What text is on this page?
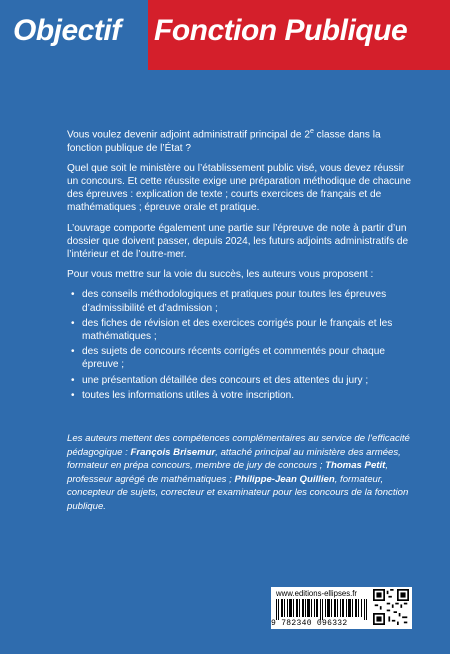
Objectif Fonction Publique

Vous voulez devenir adjoint administratif principal de 2e classe dans la fonction publique de l’État ?

Quel que soit le ministère ou l’établissement public visé, vous devez réussir un concours. Et cette réussite exige une préparation méthodique de chacune des épreuves : explication de texte ; courts exercices de français et de mathématiques ; épreuve orale et pratique.

L’ouvrage comporte également une partie sur l’épreuve de note à partir d’un dossier que doivent passer, depuis 2024, les futurs adjoints administratifs de l’intérieur et de l’outre-mer.

Pour vous mettre sur la voie du succès, les auteurs vous proposent :

• des conseils méthodologiques et pratiques pour toutes les épreuves d’admissibilité et d’admission ;
• des fiches de révision et des exercices corrigés pour le français et les mathématiques ;
• des sujets de concours récents corrigés et commentés pour chaque épreuve ;
• une présentation détaillée des concours et des attentes du jury ;
• toutes les informations utiles à votre inscription.
Les auteurs mettent des compétences complémentaires au service de l’efficacité pédagogique : François Brisemur, attaché principal au ministère des armées, formateur en prépa concours, membre de jury de concours ; Thomas Petit, professeur agrégé de mathématiques ; Philippe-Jean Quillien, formateur, concepteur de sujets, correcteur et examinateur pour les concours de la fonction publique.
www.editions-ellipses.fr
9 782340 096332
